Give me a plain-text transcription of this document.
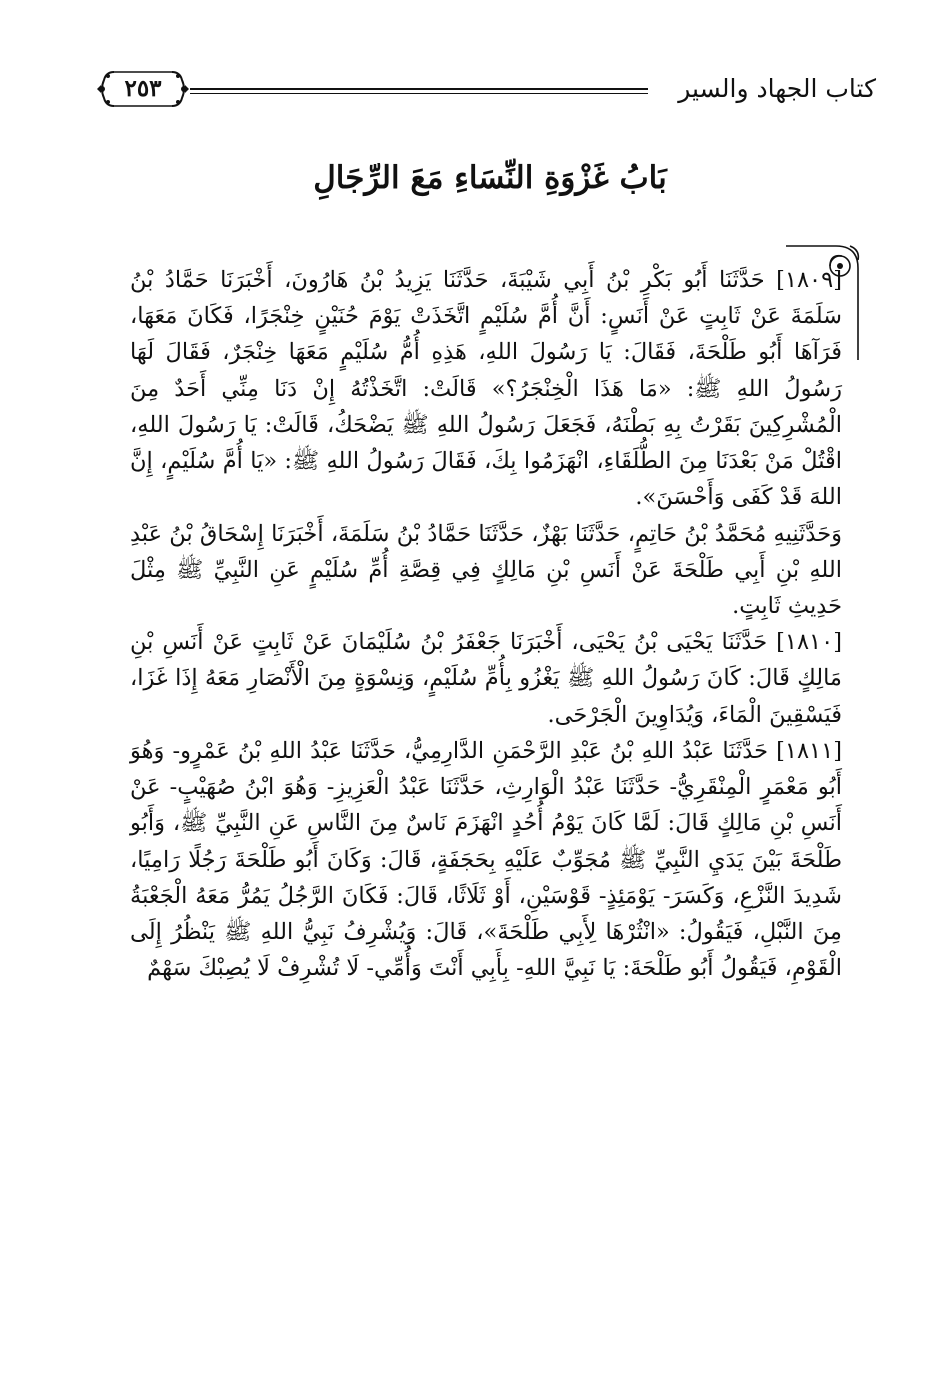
كتاب الجهاد والسير
٢٥٣
بَابُ غَزْوَةِ النِّسَاءِ مَعَ الرِّجَالِ

[١٨٠٩] حَدَّثَنَا أَبُو بَكْرِ بْنُ أَبِي شَيْبَةَ، حَدَّثَنَا يَزِيدُ بْنُ هَارُونَ، أَخْبَرَنَا حَمَّادُ بْنُ سَلَمَةَ عَنْ ثَابِتٍ عَنْ أَنَسٍ: أَنَّ أُمَّ سُلَيْمٍ اتَّخَذَتْ يَوْمَ حُنَيْنٍ خِنْجَرًا، فَكَانَ مَعَهَا، فَرَآهَا أَبُو طَلْحَةَ، فَقَالَ: يَا رَسُولَ اللهِ، هَذِهِ أُمُّ سُلَيْمٍ مَعَهَا خِنْجَرٌ، فَقَالَ لَهَا رَسُولُ اللهِ ﷺ: «مَا هَذَا الْخِنْجَرُ؟» قَالَتْ: اتَّخَذْتُهُ إِنْ دَنَا مِنِّي أَحَدٌ مِنَ الْمُشْرِكِينَ بَقَرْتُ بِهِ بَطْنَهُ، فَجَعَلَ رَسُولُ اللهِ ﷺ يَضْحَكُ، قَالَتْ: يَا رَسُولَ اللهِ، اقْتُلْ مَنْ بَعْدَنَا مِنَ الطُّلَقَاءِ، انْهَزَمُوا بِكَ، فَقَالَ رَسُولُ اللهِ ﷺ: «يَا أُمَّ سُلَيْمٍ، إِنَّ اللهَ قَدْ كَفَى وَأَحْسَنَ».

وَحَدَّثَنِيهِ مُحَمَّدُ بْنُ حَاتِمٍ، حَدَّثَنَا بَهْزٌ، حَدَّثَنَا حَمَّادُ بْنُ سَلَمَةَ، أَخْبَرَنَا إِسْحَاقُ بْنُ عَبْدِ اللهِ بْنِ أَبِي طَلْحَةَ عَنْ أَنَسِ بْنِ مَالِكٍ فِي قِصَّةِ أُمِّ سُلَيْمٍ عَنِ النَّبِيِّ ﷺ مِثْلَ حَدِيثِ ثَابِتٍ.

[١٨١٠] حَدَّثَنَا يَحْيَى بْنُ يَحْيَى، أَخْبَرَنَا جَعْفَرُ بْنُ سُلَيْمَانَ عَنْ ثَابِتٍ عَنْ أَنَسِ بْنِ مَالِكٍ قَالَ: كَانَ رَسُولُ اللهِ ﷺ يَغْزُو بِأُمِّ سُلَيْمٍ، وَنِسْوَةٍ مِنَ الْأَنْصَارِ مَعَهُ إِذَا غَزَا، فَيَسْقِينَ الْمَاءَ، وَيُدَاوِينَ الْجَرْحَى.

[١٨١١] حَدَّثَنَا عَبْدُ اللهِ بْنُ عَبْدِ الرَّحْمَنِ الدَّارِمِيُّ، حَدَّثَنَا عَبْدُ اللهِ بْنُ عَمْرٍو- وَهُوَ أَبُو مَعْمَرٍ الْمِنْقَرِيُّ- حَدَّثَنَا عَبْدُ الْوَارِثِ، حَدَّثَنَا عَبْدُ الْعَزِيزِ- وَهُوَ ابْنُ صُهَيْبٍ- عَنْ أَنَسِ بْنِ مَالِكٍ قَالَ: لَمَّا كَانَ يَوْمُ أُحُدٍ انْهَزَمَ نَاسٌ مِنَ النَّاسِ عَنِ النَّبِيِّ ﷺ، وَأَبُو طَلْحَةَ بَيْنَ يَدَيِ النَّبِيِّ ﷺ مُجَوِّبٌ عَلَيْهِ بِحَجَفَةٍ، قَالَ: وَكَانَ أَبُو طَلْحَةَ رَجُلًا رَامِيًا، شَدِيدَ النَّزْعِ، وَكَسَرَ- يَوْمَئِذٍ- قَوْسَيْنِ، أَوْ ثَلَاثًا، قَالَ: فَكَانَ الرَّجُلُ يَمُرُّ مَعَهُ الْجَعْبَةُ مِنَ النَّبْلِ، فَيَقُولُ: «انْثُرْهَا لِأَبِي طَلْحَةَ»، قَالَ: وَيُشْرِفُ نَبِيُّ اللهِ ﷺ يَنْظُرُ إِلَى الْقَوْمِ، فَيَقُولُ أَبُو طَلْحَةَ: يَا نَبِيَّ اللهِ- بِأَبِي أَنْتَ وَأُمِّي- لَا تُشْرِفْ لَا يُصِبْكَ سَهْمٌ
